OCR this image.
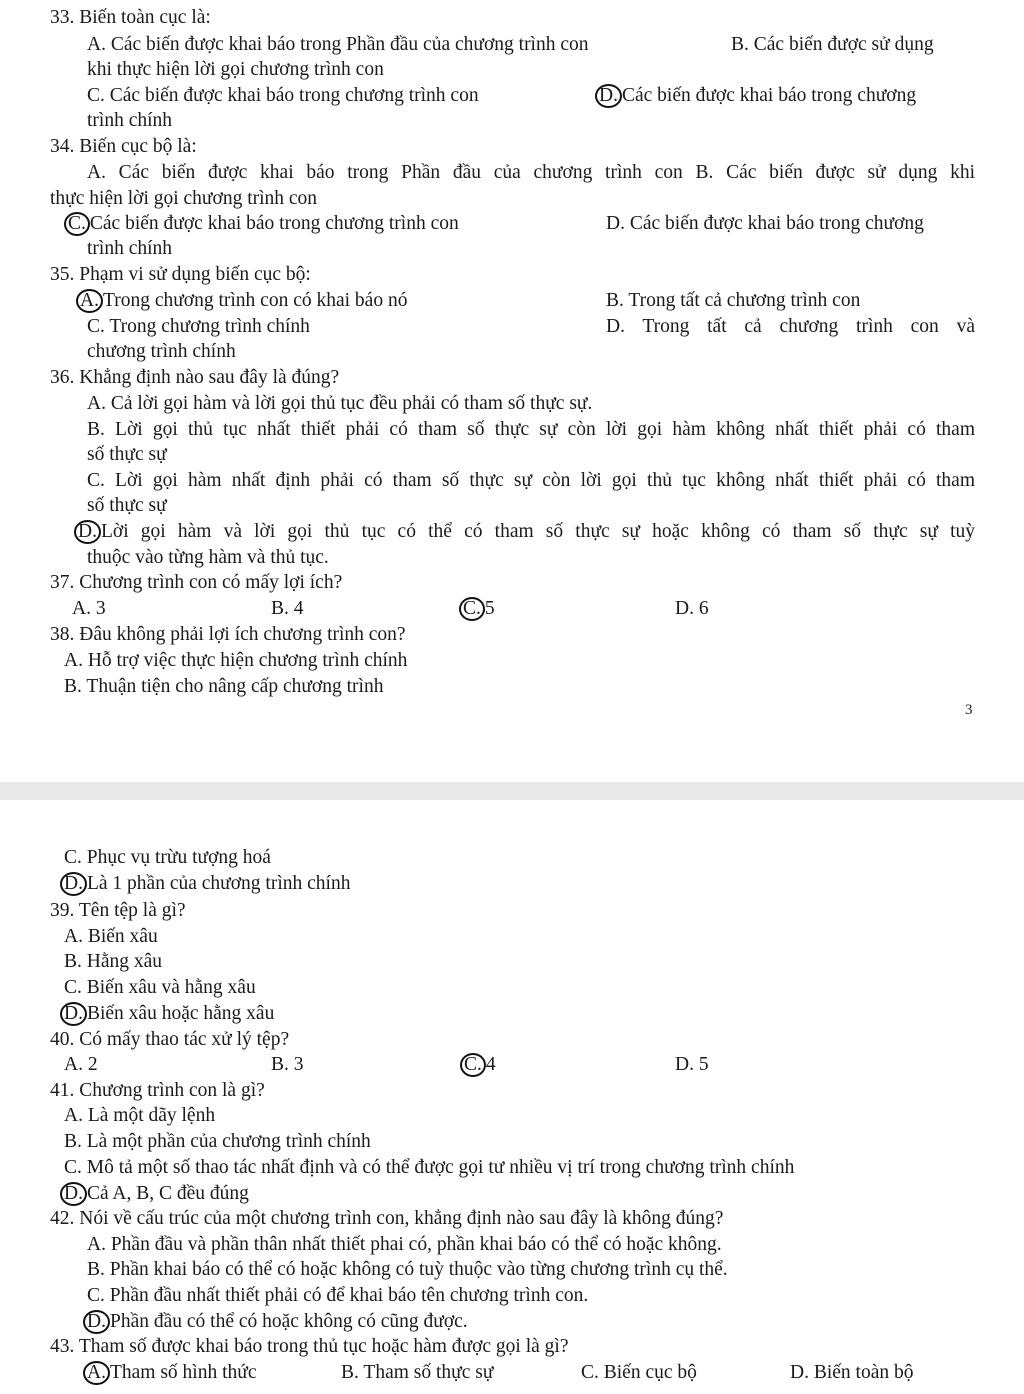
33. Biến toàn cục là:
A. Các biến được khai báo trong Phần đầu của chương trình con	B. Các biến được sử dụng
khi thực hiện lời gọi chương trình con
C. Các biến được khai báo trong chương trình con	D. Các biến được khai báo trong chương
trình chính
34. Biến cục bộ là:
A. Các biến được khai báo trong Phần đầu của chương trình con B. Các biến được sử dụng khi
thực hiện lời gọi chương trình con
C. Các biến được khai báo trong chương trình con	D. Các biến được khai báo trong chương
trình chính
35. Phạm vi sử dụng biến cục bộ:
A. Trong chương trình con có khai báo nó	B. Trong tất cả chương trình con
C. Trong chương trình chính	D. Trong tất cả chương trình con và
chương trình chính
36. Khẳng định nào sau đây là đúng?
A. Cả lời gọi hàm và lời gọi thủ tục đều phải có tham số thực sự.
B. Lời gọi thủ tục nhất thiết phải có tham số thực sự còn lời gọi hàm không nhất thiết phải có tham
số thực sự
C. Lời gọi hàm nhất định phải có tham số thực sự còn lời gọi thủ tục không nhất thiết phải có tham
số thực sự
D. Lời gọi hàm và lời gọi thủ tục có thể có tham số thực sự hoặc không có tham số thực sự tuỳ
thuộc vào từng hàm và thủ tục.
37. Chương trình con có mấy lợi ích?
A. 3	B. 4	C. 5	D. 6
38. Đâu không phải lợi ích chương trình con?
A. Hỗ trợ việc thực hiện chương trình chính
B. Thuận tiện cho nâng cấp chương trình
3
C. Phục vụ trừu tượng hoá
D. Là 1 phần của chương trình chính
39. Tên tệp là gì?
A. Biến xâu
B. Hằng xâu
C. Biến xâu và hằng xâu
D. Biến xâu hoặc hằng xâu
40. Có mấy thao tác xử lý tệp?
A. 2	B. 3	C. 4	D. 5
41. Chương trình con là gì?
A. Là một dãy lệnh
B. Là một phần của chương trình chính
C. Mô tả một số thao tác nhất định và có thể được gọi tư nhiều vị trí trong chương trình chính
D. Cả A, B, C đều đúng
42. Nói về cấu trúc của một chương trình con, khẳng định nào sau đây là không đúng?
A. Phần đầu và phần thân nhất thiết phai có, phần khai báo có thể có hoặc không.
B. Phần khai báo có thể có hoặc không có tuỳ thuộc vào từng chương trình cụ thể.
C. Phần đầu nhất thiết phải có để khai báo tên chương trình con.
D. Phần đầu có thể có hoặc không có cũng được.
43. Tham số được khai báo trong thủ tục hoặc hàm được gọi là gì?
A. Tham số hình thức	B. Tham số thực sự	C. Biến cục bộ	D. Biến toàn bộ
